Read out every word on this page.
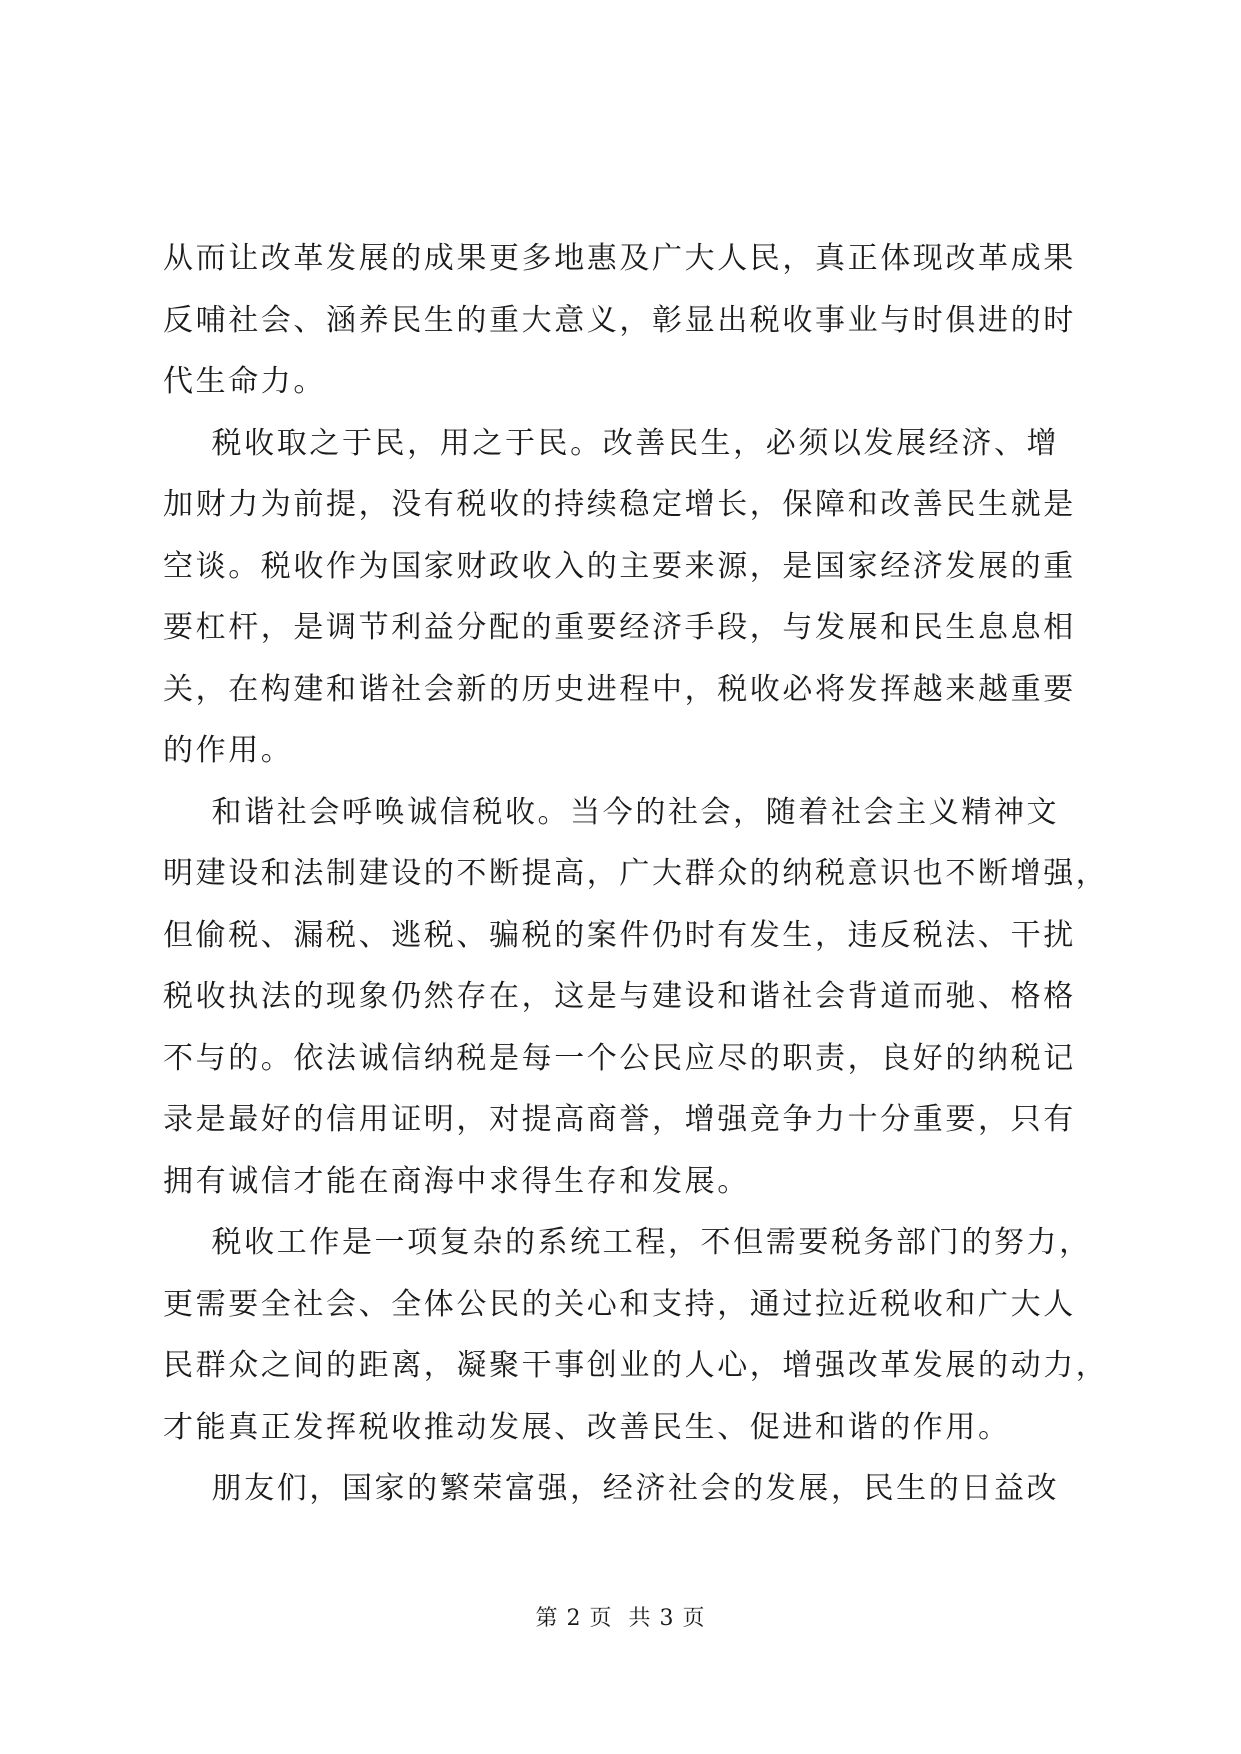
从而让改革发展的成果更多地惠及广大人民，真正体现改革成果
反哺社会、涵养民生的重大意义，彰显出税收事业与时俱进的时
代生命力。
税收取之于民，用之于民。改善民生，必须以发展经济、增
加财力为前提，没有税收的持续稳定增长，保障和改善民生就是
空谈。税收作为国家财政收入的主要来源，是国家经济发展的重
要杠杆，是调节利益分配的重要经济手段，与发展和民生息息相
关，在构建和谐社会新的历史进程中，税收必将发挥越来越重要
的作用。
和谐社会呼唤诚信税收。当今的社会，随着社会主义精神文
明建设和法制建设的不断提高，广大群众的纳税意识也不断增强，
但偷税、漏税、逃税、骗税的案件仍时有发生，违反税法、干扰
税收执法的现象仍然存在，这是与建设和谐社会背道而驰、格格
不与的。依法诚信纳税是每一个公民应尽的职责，良好的纳税记
录是最好的信用证明，对提高商誉，增强竞争力十分重要，只有
拥有诚信才能在商海中求得生存和发展。
税收工作是一项复杂的系统工程，不但需要税务部门的努力，
更需要全社会、全体公民的关心和支持，通过拉近税收和广大人
民群众之间的距离，凝聚干事创业的人心，增强改革发展的动力，
才能真正发挥税收推动发展、改善民生、促进和谐的作用。
朋友们，国家的繁荣富强，经济社会的发展，民生的日益改
第 2 页  共 3 页
